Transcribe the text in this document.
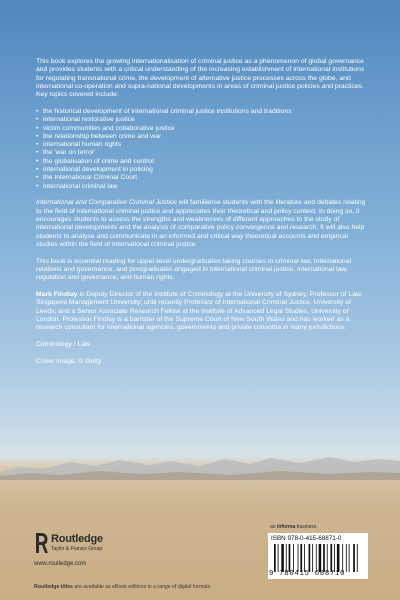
This book explores the growing internationalisation of criminal justice as a phenomenon of global governance and provides students with a critical understanding of the increasing establishment of international institutions for regulating transnational crime, the development of alternative justice processes across the globe, and international co-operation and supra-national developments in areas of criminal justice policies and practices. Key topics covered include:

• the historical development of international criminal justice institutions and traditions
• international restorative justice
• victim communities and collaborative justice
• the relationship between crime and war
• international human rights
• the 'war on terror'
• the globalisation of crime and control
• international development in policing
• the International Criminal Court
• international criminal law

International and Comparative Criminal Justice will familiarise students with the literature and debates relating to the field of international criminal justice and appreciates their theoretical and policy context. In doing so, it encourages students to assess the strengths and weaknesses of different approaches to the study of international developments and the analysis of comparative policy convergence and research. It will also help students to analyse and communicate in an informed and critical way theoretical accounts and empirical studies within the field of international criminal justice.

This book is essential reading for upper-level undergraduates taking courses in criminal law, international relations and governance, and postgraduates engaged in international criminal justice, international law, regulation and governance, and human rights.

Mark Findlay is Deputy Director of the Institute of Criminology at the University of Sydney; Professor of Law, Singapore Management University; until recently Professor of International Criminal Justice, University of Leeds; and a Senior Associate Research Fellow at the Institute of Advanced Legal Studies, University of London. Professor Findlay is a barrister of the Supreme Court of New South Wales and has worked as a research consultant for international agencies, governments and private consortia in many jurisdictions.

Criminology / Law

Cover image: © Getty

Routledge
Taylor & Francis Group
www.routledge.com
an informa business
ISBN 978-0-415-68871-0
9 780415 688710
Routledge titles are available as eBook editions in a range of digital formats
